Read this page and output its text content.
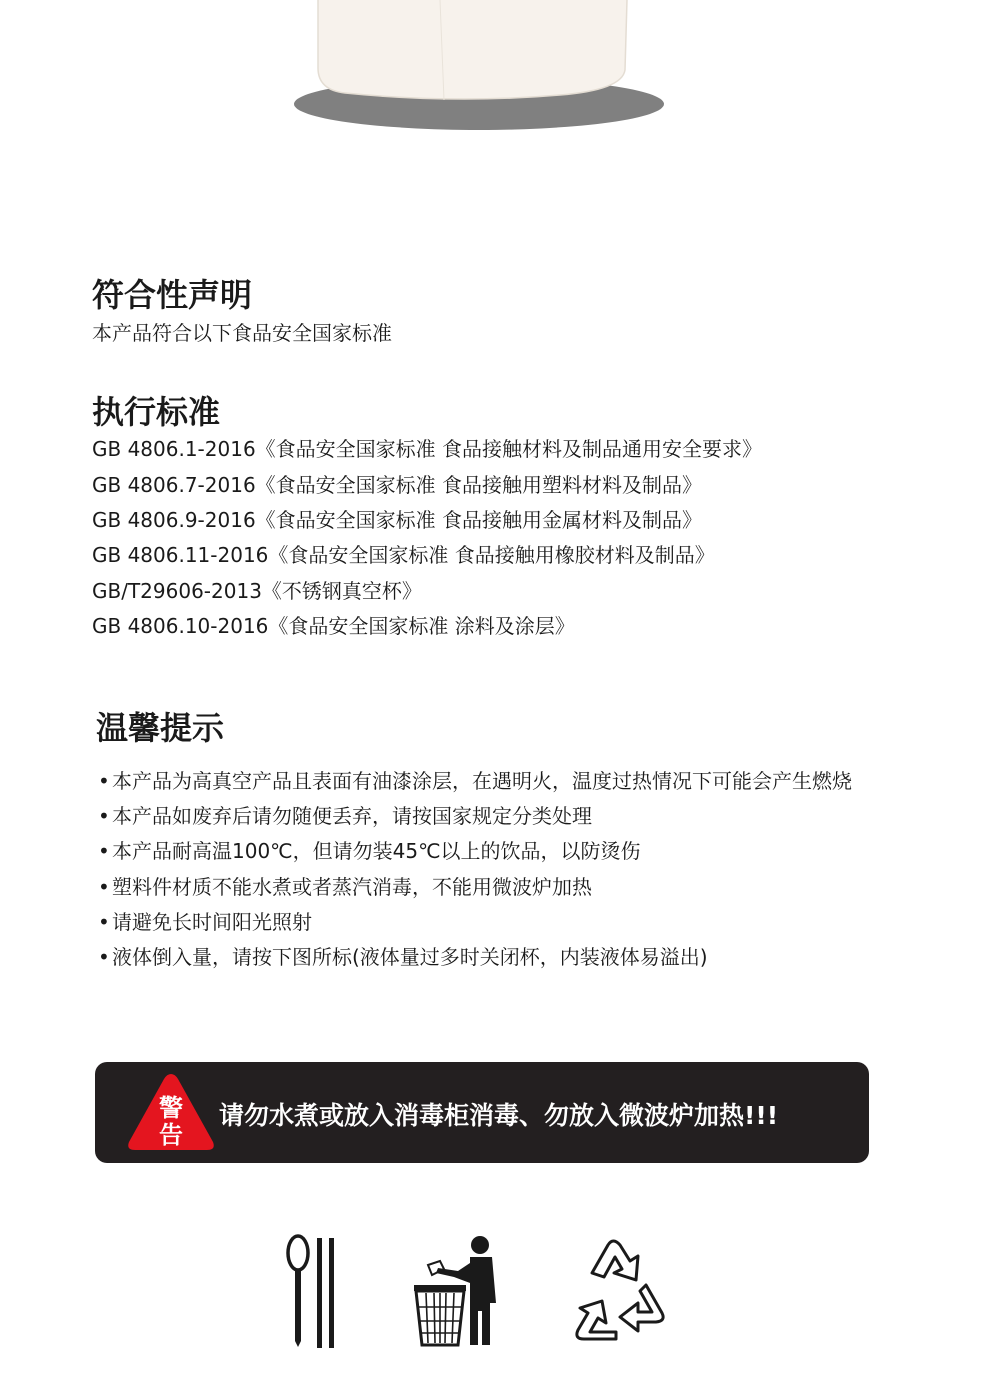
符合性声明
本产品符合以下食品安全国家标准
执行标准
GB 4806.1-2016《食品安全国家标准 食品接触材料及制品通用安全要求》
GB 4806.7-2016《食品安全国家标准 食品接触用塑料材料及制品》
GB 4806.9-2016《食品安全国家标准 食品接触用金属材料及制品》
GB 4806.11-2016《食品安全国家标准 食品接触用橡胶材料及制品》
GB/T29606-2013《不锈钢真空杯》
GB 4806.10-2016《食品安全国家标准 涂料及涂层》
温馨提示
• 本产品为高真空产品且表面有油漆涂层，在遇明火，温度过热情况下可能会产生燃烧
• 本产品如废弃后请勿随便丢弃，请按国家规定分类处理
• 本产品耐高温100℃，但请勿装45℃以上的饮品，以防烫伤
• 塑料件材质不能水煮或者蒸汽消毒，不能用微波炉加热
• 请避免长时间阳光照射
• 液体倒入量，请按下图所标(液体量过多时关闭杯，内装液体易溢出)
警
告
请勿水煮或放入消毒柜消毒、勿放入微波炉加热!!!
